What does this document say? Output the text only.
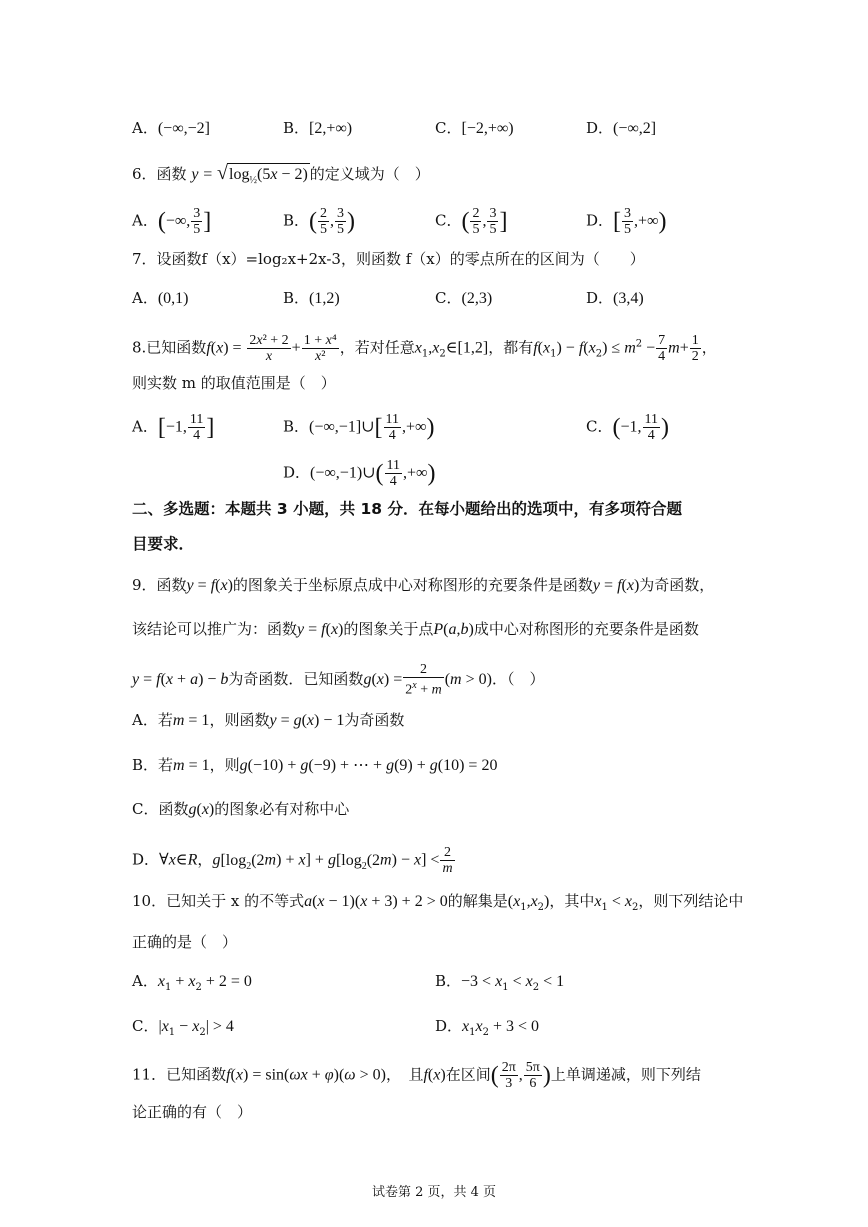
A．(−∞,−2]	B．[2,+∞)	C．[−2,+∞)	D．(−∞,2]
6．函数 $y = √\log_{\frac{1}{2}}(5x - 2)$ 的定义域为（　）
A．(−∞, $\frac{3}{5}$ ]	B．( $\frac{2}{5}$ , $\frac{3}{5}$ )	C．( $\frac{2}{5}$ , $\frac{3}{5}$ ]	D．[ $\frac{3}{5}$ ,+∞)
7．设函数f（x）=log₂x+2x-3，则函数 f（x）的零点所在的区间为（　　）
A．(0,1)	B．(1,2)	C．(2,3)	D．(3,4)
8.已知函数$f(x) = \frac{\text{2x² + 2}}{x} + \frac{\text{1 + x⁴}}{\text{x²}}$ ，若对任意$x_1,x_2\in[1,2]$，都有$f(x_1) - f(x_2) \le m^2 - \frac{7}{4} m+ \frac{1}{2}$ ，
则实数 m 的取值范围是（　）
A．[−1, $\frac{11}{4}$ ]	B．(−∞,−1]∪[ $\frac{11}{4}$ ,+∞)	C．(−1, $\frac{11}{4}$ )
D．(−∞,−1)∪( $\frac{11}{4}$ ,+∞)
二、多选题：本题共 3 小题，共 18 分．在每小题给出的选项中，有多项符合题
目要求．
9．函数y = f(x)的图象关于坐标原点成中心对称图形的充要条件是函数y = f(x)为奇函数，
该结论可以推广为：函数y = f(x)的图象关于点P(a,b)成中心对称图形的充要条件是函数
y = f(x + a) − b为奇函数．已知函数$g(x) = \frac{2}{2^x + m} (m > 0)$．（　）
A．若m = 1，则函数y = g(x) − 1为奇函数
B．若m = 1，则g(−10) + g(−9) + ⋯ + g(9) + g(10) = 20
C．函数g(x)的图象必有对称中心
D．∀x∈R，$g[\log_2(2m) + x] + g[\log_2(2m) - x] < \frac{2}{m}$
10．已知关于 x 的不等式a(x − 1)(x + 3) + 2 > 0的解集是$(x_1,x_2)$，其中$x_1 < x_2$，则下列结论中
正确的是（　）
A．$x_1 + x_2 + 2 = 0$	B．$-3 < x_1 < x_2 < 1$
C．$|x_1 - x_2| > 4$	D．$x_1x_2 + 3 < 0$
11．已知函数f(x) = sin(ωx + φ)(ω > 0)，　且f(x)在区间( $\frac{2\pi}{3}$ , $\frac{5\pi}{6}$ )上单调递减，则下列结
论正确的有（　）
试卷第 2 页，共 4 页
